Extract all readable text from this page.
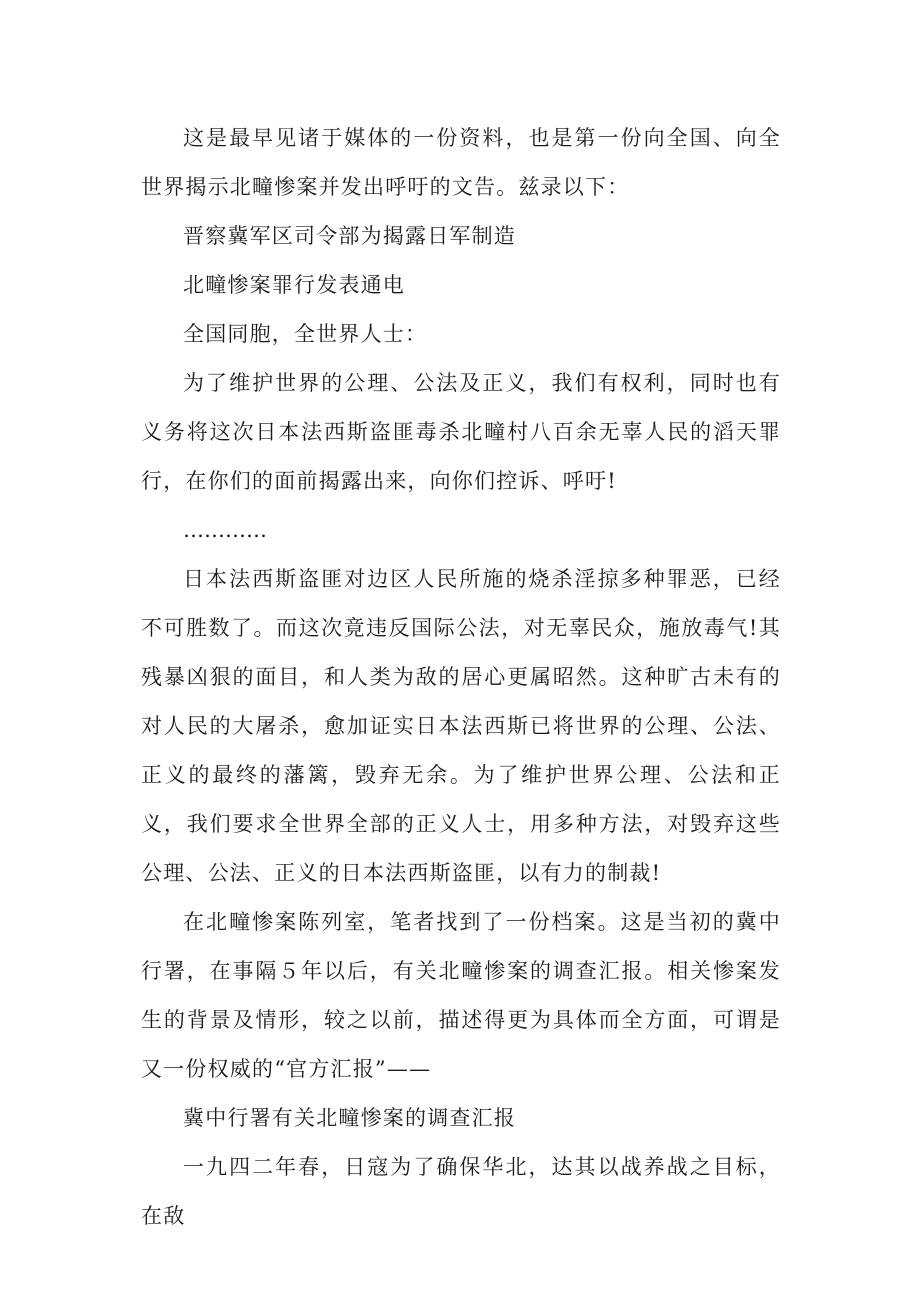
这是最早见诸于媒体的一份资料，也是第一份向全国、向全世界揭示北疃惨案并发出呼吁的文告。兹录以下：

晋察冀军区司令部为揭露日军制造

北疃惨案罪行发表通电

全国同胞，全世界人士：

为了维护世界的公理、公法及正义，我们有权利，同时也有义务将这次日本法西斯盗匪毒杀北疃村八百余无辜人民的滔天罪行，在你们的面前揭露出来，向你们控诉、呼吁!

…………

日本法西斯盗匪对边区人民所施的烧杀淫掠多种罪恶，已经不可胜数了。而这次竟违反国际公法，对无辜民众，施放毒气!其残暴凶狠的面目，和人类为敌的居心更属昭然。这种旷古未有的对人民的大屠杀，愈加证实日本法西斯已将世界的公理、公法、正义的最终的藩篱，毁弃无余。为了维护世界公理、公法和正义，我们要求全世界全部的正义人士，用多种方法，对毁弃这些公理、公法、正义的日本法西斯盗匪，以有力的制裁!

在北疃惨案陈列室，笔者找到了一份档案。这是当初的冀中行署，在事隔５年以后，有关北疃惨案的调查汇报。相关惨案发生的背景及情形，较之以前，描述得更为具体而全方面，可谓是又一份权威的“官方汇报”——

冀中行署有关北疃惨案的调查汇报

一九四二年春，日寇为了确保华北，达其以战养战之目标，在敌
